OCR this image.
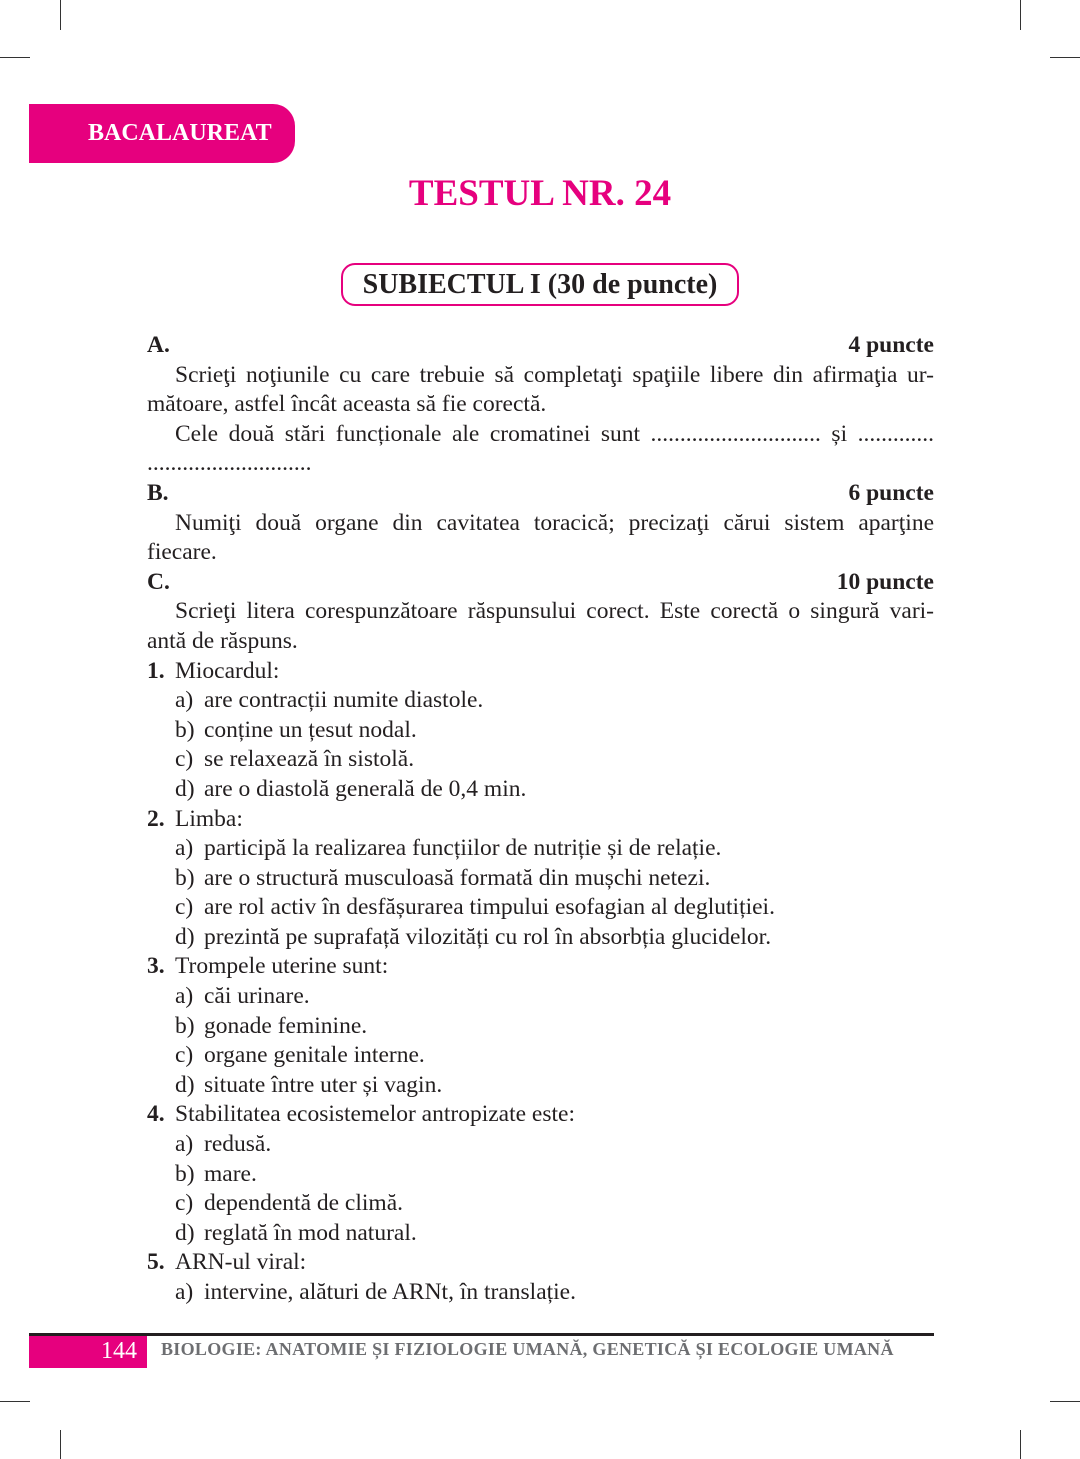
BACALAUREAT
TESTUL NR. 24
SUBIECTUL I (30 de puncte)
A.	4 puncte
Scrieţi noţiunile cu care trebuie să completaţi spaţiile libere din afirmaţia ur-
mătoare, astfel încât aceasta să fie corectă.
Cele două stări funcționale ale cromatinei sunt ............................. și .............
............................
B.	6 puncte
Numiţi două organe din cavitatea toracică; precizaţi cărui sistem aparţine
fiecare.
C.	10 puncte
Scrieţi litera corespunzătoare răspunsului corect. Este corectă o singură vari-
antă de răspuns.
1. Miocardul:
a) are contracții numite diastole.
b) conține un țesut nodal.
c) se relaxează în sistolă.
d) are o diastolă generală de 0,4 min.
2. Limba:
a) participă la realizarea funcțiilor de nutriție și de relație.
b) are o structură musculoasă formată din mușchi netezi.
c) are rol activ în desfășurarea timpului esofagian al deglutiției.
d) prezintă pe suprafață vilozități cu rol în absorbția glucidelor.
3. Trompele uterine sunt:
a) căi urinare.
b) gonade feminine.
c) organe genitale interne.
d) situate între uter și vagin.
4. Stabilitatea ecosistemelor antropizate este:
a) redusă.
b) mare.
c) dependentă de climă.
d) reglată în mod natural.
5. ARN-ul viral:
a) intervine, alături de ARNt, în translație.
144	BIOLOGIE: ANATOMIE ȘI FIZIOLOGIE UMANĂ, GENETICĂ ȘI ECOLOGIE UMANĂ
